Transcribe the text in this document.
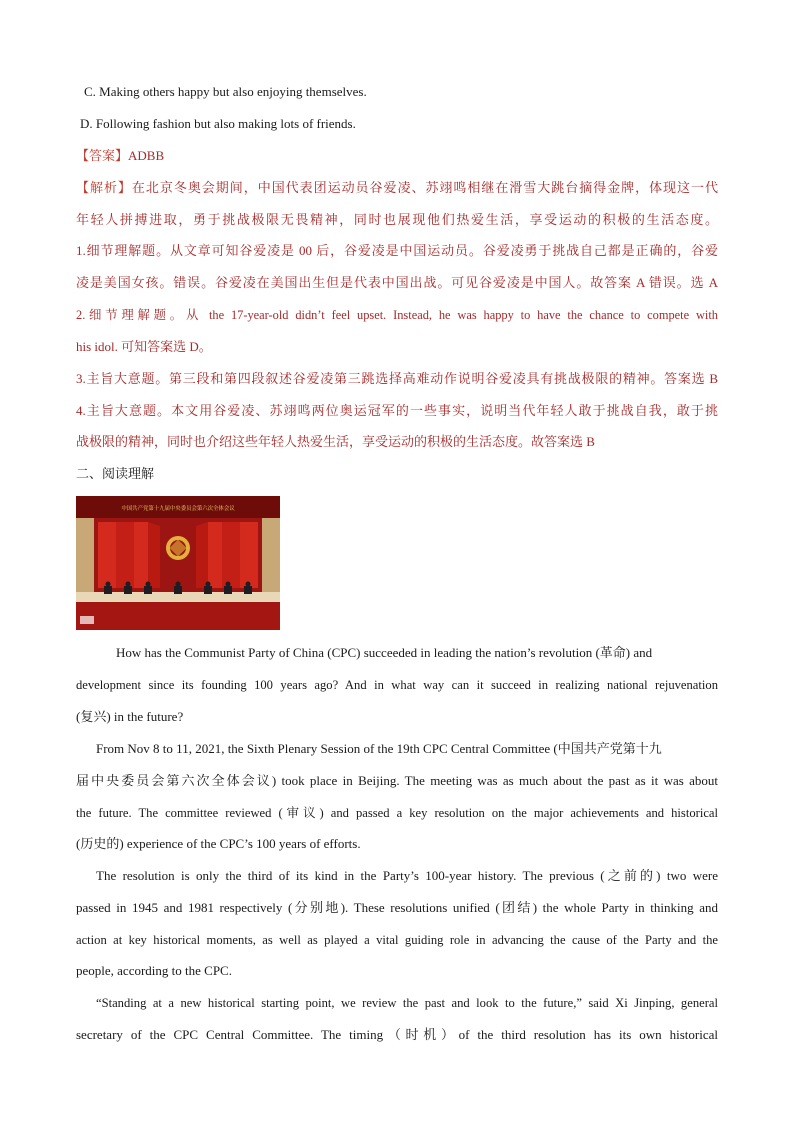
C. Making others happy but also enjoying themselves.
D. Following fashion but also making lots of friends.
【答案】ADBB
【解析】在北京冬奥会期间，中国代表团运动员谷爱凌、苏翊鸣相继在滑雪大跳台摘得金牌，体现这一代
年轻人拼搏进取，勇于挑战极限无畏精神，同时也展现他们热爱生活，享受运动的积极的生活态度。
1.细节理解题。从文章可知谷爱凌是 00 后，谷爱凌是中国运动员。谷爱凌勇于挑战自己都是正确的，谷爱
凌是美国女孩。错误。谷爱凌在美国出生但是代表中国出战。可见谷爱凌是中国人。故答案 A 错误。选 A
2.细节理解题。从 the 17-year-old didn’t feel upset. Instead, he was happy to have the chance to compete with
his idol. 可知答案选 D。
3.主旨大意题。第三段和第四段叙述谷爱凌第三跳选择高难动作说明谷爱凌具有挑战极限的精神。答案选 B
4.主旨大意题。本文用谷爱凌、苏翊鸣两位奥运冠军的一些事实，说明当代年轻人敢于挑战自我，敢于挑
战极限的精神，同时也介绍这些年轻人热爱生活，享受运动的积极的生活态度。故答案选 B
二、阅读理解
中国共产党第十九届中央委员会第六次全体会议
How has the Communist Party of China (CPC) succeeded in leading the nation’s revolution (革命) and
development since its founding 100 years ago? And in what way can it succeed in realizing national rejuvenation
(复兴) in the future?
From Nov 8 to 11, 2021, the Sixth Plenary Session of the 19th CPC Central Committee (中国共产党第十九
届中央委员会第六次全体会议) took place in Beijing. The meeting was as much about the past as it was about
the future. The committee reviewed (审议) and passed a key resolution on the major achievements and historical
(历史的) experience of the CPC’s 100 years of efforts.
The resolution is only the third of its kind in the Party’s 100-year history. The previous (之前的) two were
passed in 1945 and 1981 respectively (分别地). These resolutions unified (团结) the whole Party in thinking and
action at key historical moments, as well as played a vital guiding role in advancing the cause of the Party and the
people, according to the CPC.
“Standing at a new historical starting point, we review the past and look to the future,” said Xi Jinping, general
secretary of the CPC Central Committee. The timing（时机）of the third resolution has its own historical
